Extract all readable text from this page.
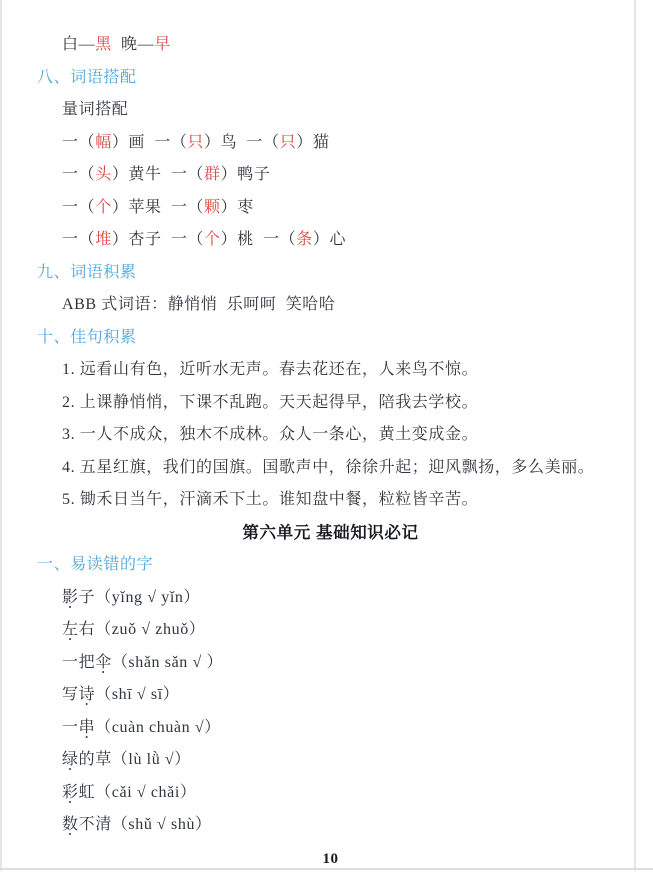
白—黑  晚—早
八、词语搭配
量词搭配
一（幅）画  一（只）鸟  一（只）猫
一（头）黄牛  一（群）鸭子
一（个）苹果  一（颗）枣
一（堆）杏子  一（个）桃  一（条）心
九、词语积累
ABB 式词语：静悄悄  乐呵呵  笑哈哈
十、佳句积累
1. 远看山有色，近听水无声。春去花还在，人来鸟不惊。
2. 上课静悄悄，下课不乱跑。天天起得早，陪我去学校。
3. 一人不成众，独木不成林。众人一条心，黄土变成金。
4. 五星红旗，我们的国旗。国歌声中，徐徐升起；迎风飘扬，多么美丽。
5. 锄禾日当午，汗滴禾下土。谁知盘中餐，粒粒皆辛苦。
第六单元 基础知识必记
一、易读错的字
影子（yǐng √ yǐn）
左右（zuǒ √ zhuǒ）
一把伞（shǎn sǎn √ ）
写诗（shī √ sī）
一串（cuàn chuàn √）
绿的草（lù lǜ √）
彩虹（cǎi √ chǎi）
数不清（shǔ √ shù）
10
